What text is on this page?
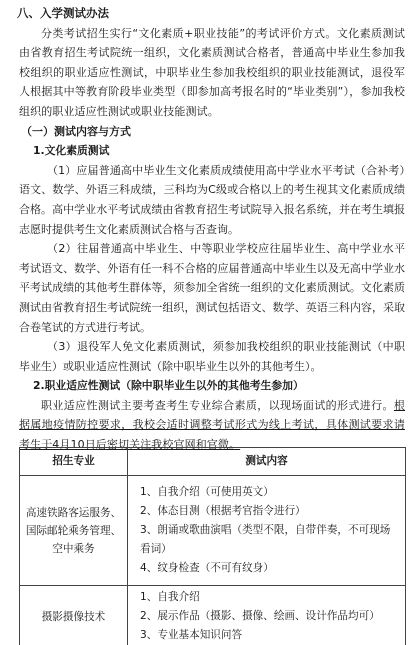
八、入学测试办法

分类考试招生实行“文化素质+职业技能”的考试评价方式。文化素质测试由省教育招生考试院统一组织，文化素质测试合格者，普通高中毕业生参加我校组织的职业适应性测试，中职毕业生参加我校组织的职业技能测试，退役军人根据其中等教育阶段毕业类型（即参加高考报名时的“毕业类别”），参加我校组织的职业适应性测试或职业技能测试。

（一）测试内容与方式
1.文化素质测试

（1）应届普通高中毕业生文化素质成绩使用高中学业水平考试（合补考）语文、数学、外语三科成绩，三科均为C级或合格以上的考生视其文化素质成绩合格。高中学业水平考试成绩由省教育招生考试院导入报名系统，并在考生填报志愿时提供考生文化素质测试合格与否查询。

（2）往届普通高中毕业生、中等职业学校应往届毕业生、高中学业水平考试语文、数学、外语有任一科不合格的应届普通高中毕业生以及无高中学业水平考试成绩的其他考生群体等，须参加全省统一组织的文化素质测试。文化素质测试由省教育招生考试院统一组织，测试包括语文、数学、英语三科内容，采取合卷笔试的方式进行考试。

（3）退役军人免文化素质测试，须参加我校组织的职业技能测试（中职毕业生）或职业适应性测试（除中职毕业生以外的其他考生）。

2.职业适应性测试（除中职毕业生以外的其他考生参加）

职业适应性测试主要考查考生专业综合素质，以现场面试的形式进行。根据属地疫情防控要求，我校会适时调整考试形式为线上考试，具体测试要求请考生于4月10日后密切关注我校官网和官微。

招生专业	测试内容
高速铁路客运服务、国际邮轮乘务管理、空中乘务	1、自我介绍（可使用英文）
2、体态目测（根据考官指令进行）
3、朗诵或歌曲演唱（类型不限，自带伴奏，不可现场看词）
4、纹身检查（不可有纹身）

摄影摄像技术	1、自我介绍
2、展示作品（摄影、摄像、绘画、设计作品均可）
3、专业基本知识问答
